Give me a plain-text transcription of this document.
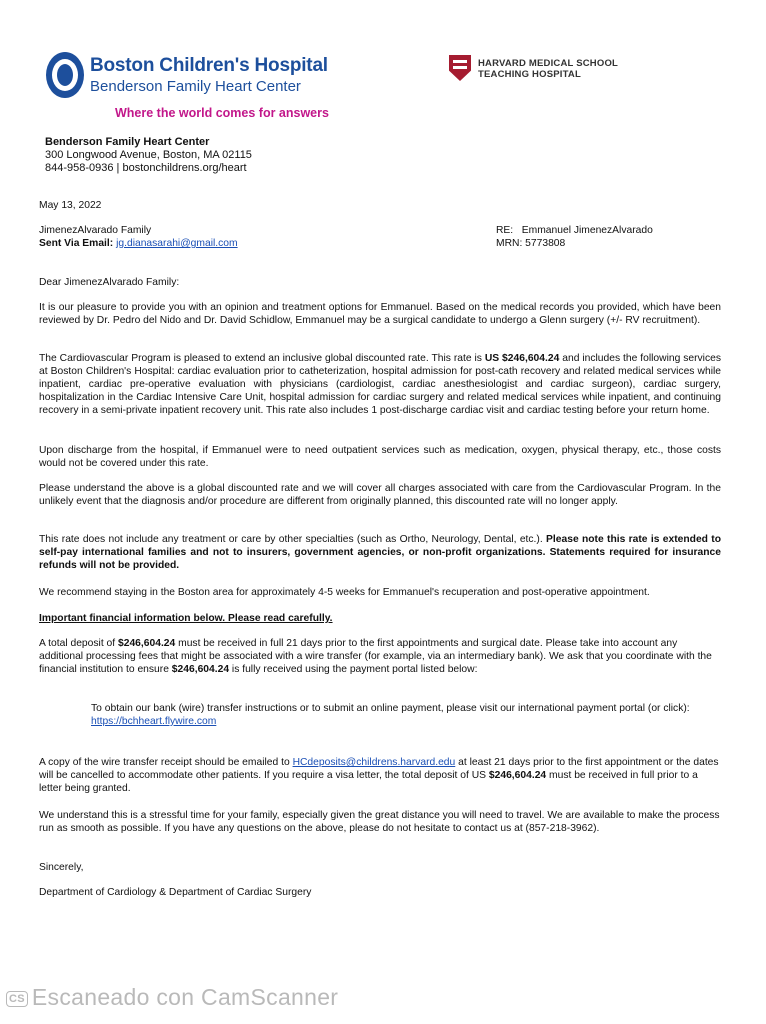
Boston Children's Hospital
Benderson Family Heart Center
Where the world comes for answers
HARVARD MEDICAL SCHOOL
TEACHING HOSPITAL
Benderson Family Heart Center
300 Longwood Avenue, Boston, MA 02115
844-958-0936 | bostonchildrens.org/heart
May 13, 2022
JimenezAlvarado Family
Sent Via Email: jg.dianasarahi@gmail.com
RE: Emmanuel JimenezAlvarado
MRN: 5773808
Dear JimenezAlvarado Family:
It is our pleasure to provide you with an opinion and treatment options for Emmanuel. Based on the medical records you provided, which have been reviewed by Dr. Pedro del Nido and Dr. David Schidlow, Emmanuel may be a surgical candidate to undergo a Glenn surgery (+/- RV recruitment).
The Cardiovascular Program is pleased to extend an inclusive global discounted rate. This rate is US $246,604.24 and includes the following services at Boston Children's Hospital: cardiac evaluation prior to catheterization, hospital admission for post-cath recovery and related medical services while inpatient, cardiac pre-operative evaluation with physicians (cardiologist, cardiac anesthesiologist and cardiac surgeon), cardiac surgery, hospitalization in the Cardiac Intensive Care Unit, hospital admission for cardiac surgery and related medical services while inpatient, and continuing recovery in a semi-private inpatient recovery unit. This rate also includes 1 post-discharge cardiac visit and cardiac testing before your return home.
Upon discharge from the hospital, if Emmanuel were to need outpatient services such as medication, oxygen, physical therapy, etc., those costs would not be covered under this rate.
Please understand the above is a global discounted rate and we will cover all charges associated with care from the Cardiovascular Program. In the unlikely event that the diagnosis and/or procedure are different from originally planned, this discounted rate will no longer apply.
This rate does not include any treatment or care by other specialties (such as Ortho, Neurology, Dental, etc.). Please note this rate is extended to self-pay international families and not to insurers, government agencies, or non-profit organizations. Statements required for insurance refunds will not be provided.
We recommend staying in the Boston area for approximately 4-5 weeks for Emmanuel's recuperation and post-operative appointment.
Important financial information below. Please read carefully.
A total deposit of $246,604.24 must be received in full 21 days prior to the first appointments and surgical date. Please take into account any additional processing fees that might be associated with a wire transfer (for example, via an intermediary bank). We ask that you coordinate with the financial institution to ensure $246,604.24 is fully received using the payment portal listed below:
To obtain our bank (wire) transfer instructions or to submit an online payment, please visit our international payment portal (or click): https://bchheart.flywire.com
A copy of the wire transfer receipt should be emailed to HCdeposits@childrens.harvard.edu at least 21 days prior to the first appointment or the dates will be cancelled to accommodate other patients. If you require a visa letter, the total deposit of US $246,604.24 must be received in full prior to a letter being granted.
We understand this is a stressful time for your family, especially given the great distance you will need to travel. We are available to make the process run as smooth as possible. If you have any questions on the above, please do not hesitate to contact us at (857-218-3962).
Sincerely,
Department of Cardiology & Department of Cardiac Surgery
CS Escaneado con CamScanner
